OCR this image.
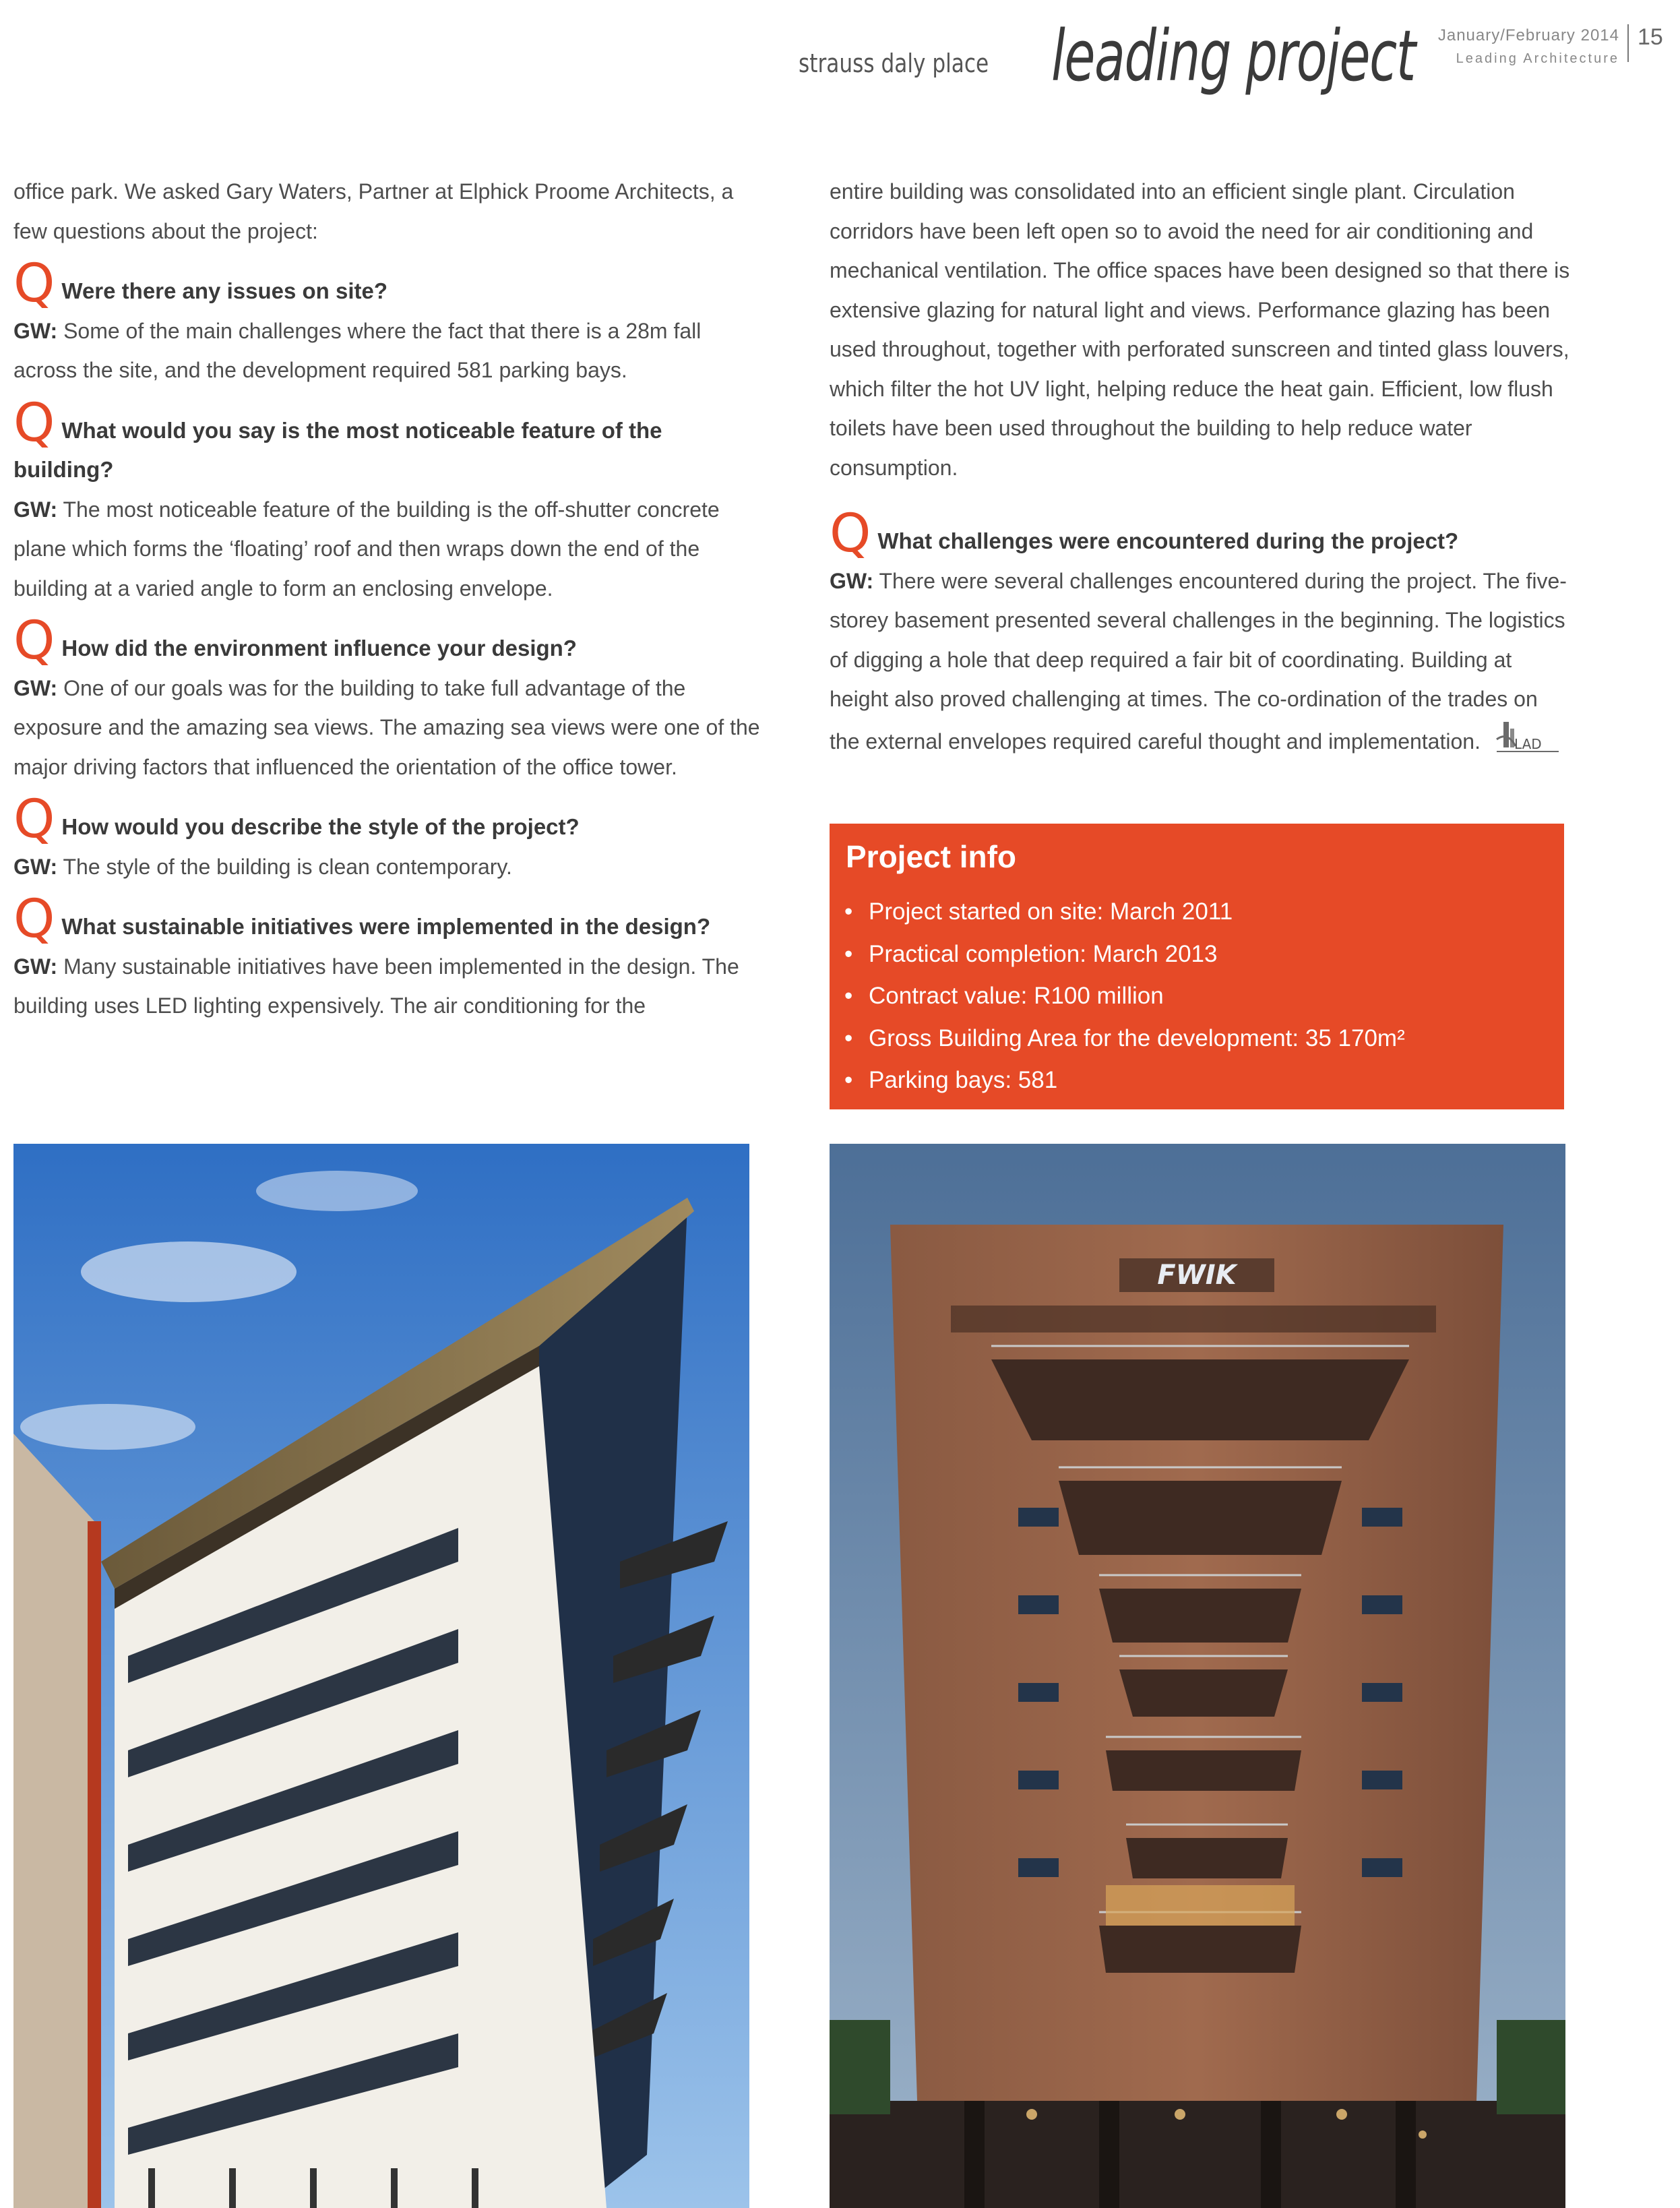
strauss daly place leading project January/February 2014
Leading Architecture
15

office park. We asked Gary Waters, Partner at Elphick Proome Architects, a few questions about the project:

Q Were there any issues on site?

GW: Some of the main challenges where the fact that there is a 28m fall across the site, and the development required 581 parking bays.

Q What would you say is the most noticeable feature of the building?

GW: The most noticeable feature of the building is the off-shutter concrete plane which forms the ‘floating’ roof and then wraps down the end of the building at a varied angle to form an enclosing envelope.

Q How did the environment influence your design?

GW: One of our goals was for the building to take full advantage of the exposure and the amazing sea views. The amazing sea views were one of the major driving factors that influenced the orientation of the office tower.

Q How would you describe the style of the project?

GW: The style of the building is clean contemporary.

Q What sustainable initiatives were implemented in the design?

GW: Many sustainable initiatives have been implemented in the design. The building uses LED lighting expensively. The air conditioning for the

entire building was consolidated into an efficient single plant. Circulation corridors have been left open so to avoid the need for air conditioning and mechanical ventilation. The office spaces have been designed so that there is extensive glazing for natural light and views. Performance glazing has been used throughout, together with perforated sunscreen and tinted glass louvers, which filter the hot UV light, helping reduce the heat gain. Efficient, low flush toilets have been used throughout the building to help reduce water consumption.

Q What challenges were encountered during the project?

GW: There were several challenges encountered during the project. The five-storey basement presented several challenges in the beginning. The logistics of digging a hole that deep required a fair bit of coordinating. Building at height also proved challenging at times. The co-ordination of the trades on the external envelopes required careful thought and implementation.	LAD

Project info
• Project started on site: March 2011
• Practical completion: March 2013
• Contract value: R100 million
• Gross Building Area for the development: 35 170m²
• Parking bays: 581
FWIK
